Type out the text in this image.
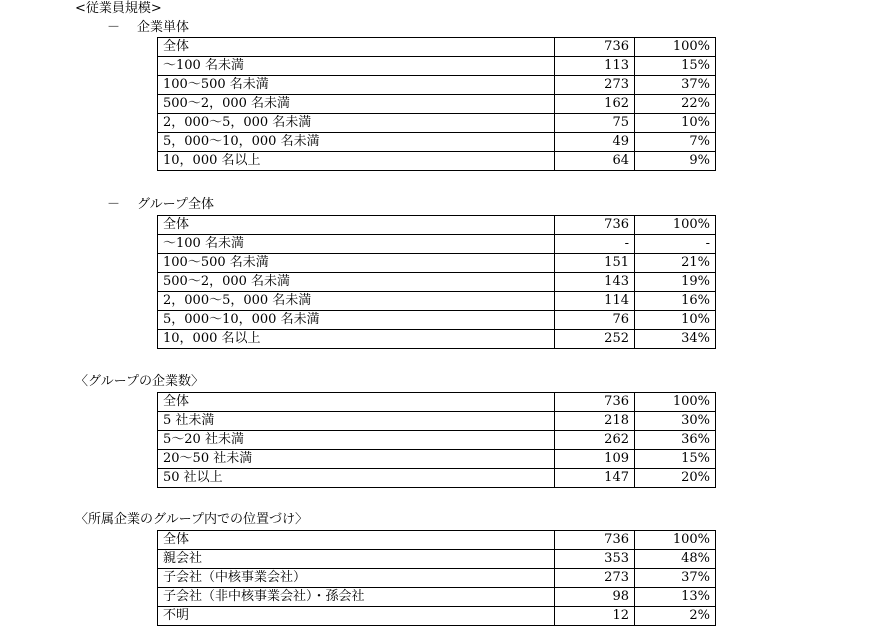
<従業員規模>
－ 企業単体
全体	736	100%
～100 名未満	113	15%
100～500 名未満	273	37%
500～2，000 名未満	162	22%
2，000～5，000 名未満	75	10%
5，000～10，000 名未満	49	7%
10，000 名以上	64	9%
－ グループ全体
全体	736	100%
～100 名未満	-	-
100～500 名未満	151	21%
500～2，000 名未満	143	19%
2，000～5，000 名未満	114	16%
5，000～10，000 名未満	76	10%
10，000 名以上	252	34%
〈グループの企業数〉
全体	736	100%
5 社未満	218	30%
5～20 社未満	262	36%
20～50 社未満	109	15%
50 社以上	147	20%
〈所属企業のグループ内での位置づけ〉
全体	736	100%
親会社	353	48%
子会社（中核事業会社）	273	37%
子会社（非中核事業会社）・孫会社	98	13%
不明	12	2%
